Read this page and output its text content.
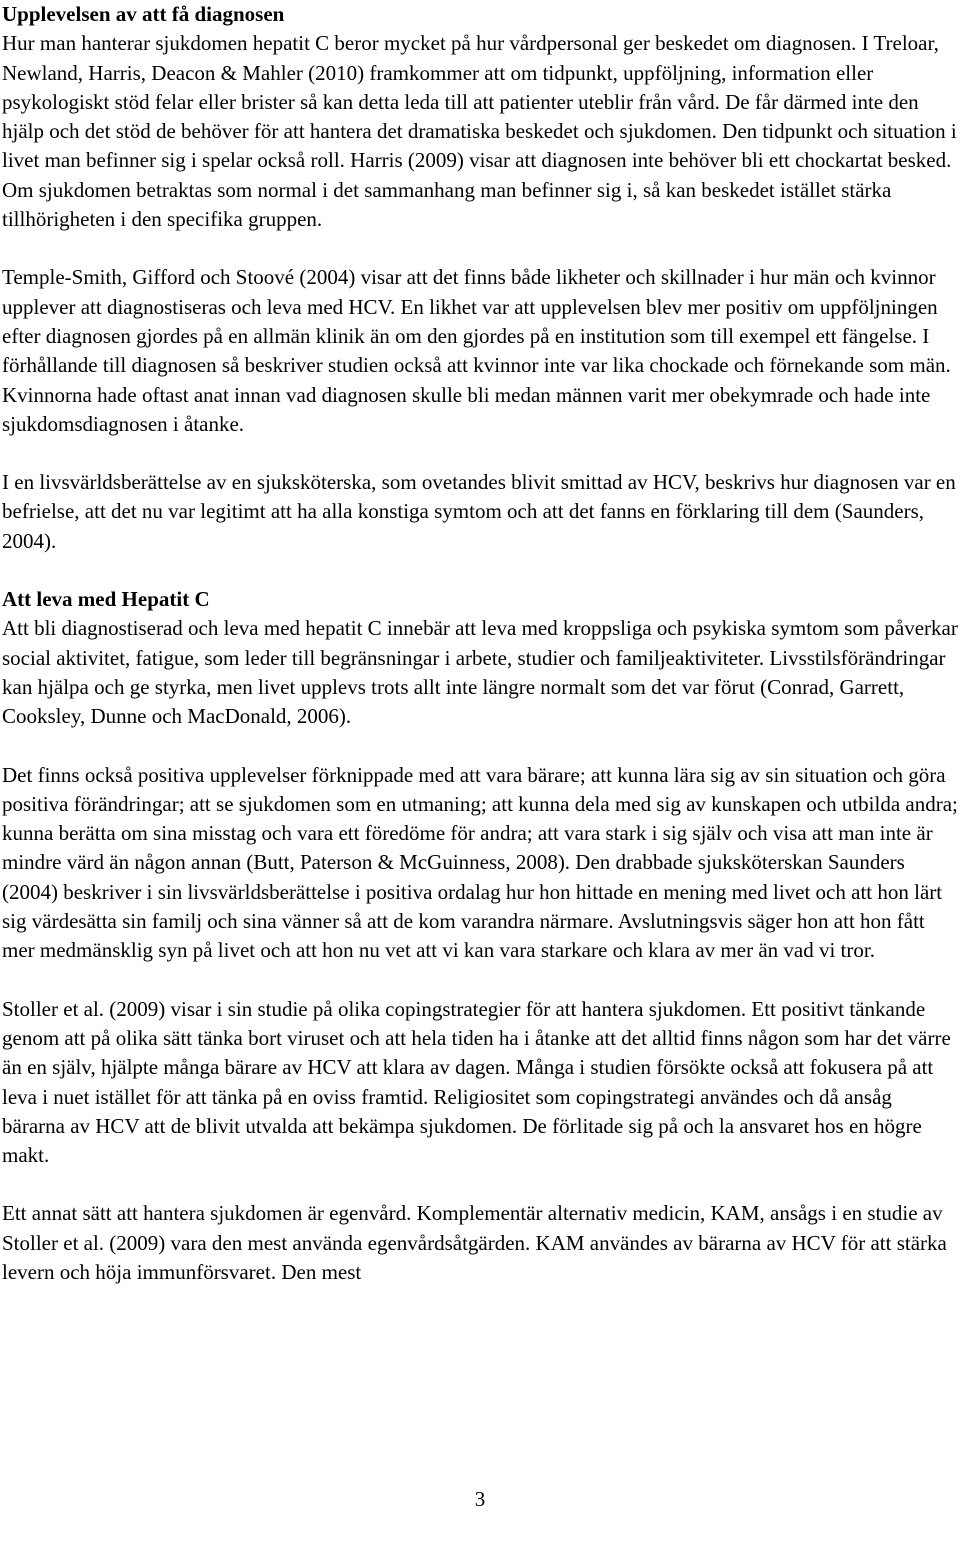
Upplevelsen av att få diagnosen

Hur man hanterar sjukdomen hepatit C beror mycket på hur vårdpersonal ger beskedet om diagnosen. I Treloar, Newland, Harris, Deacon & Mahler (2010) framkommer att om tidpunkt, uppföljning, information eller psykologiskt stöd felar eller brister så kan detta leda till att patienter uteblir från vård. De får därmed inte den hjälp och det stöd de behöver för att hantera det dramatiska beskedet och sjukdomen. Den tidpunkt och situation i livet man befinner sig i spelar också roll. Harris (2009) visar att diagnosen inte behöver bli ett chockartat besked. Om sjukdomen betraktas som normal i det sammanhang man befinner sig i, så kan beskedet istället stärka tillhörigheten i den specifika gruppen.

Temple-Smith, Gifford och Stoové (2004) visar att det finns både likheter och skillnader i hur män och kvinnor upplever att diagnostiseras och leva med HCV. En likhet var att upplevelsen blev mer positiv om uppföljningen efter diagnosen gjordes på en allmän klinik än om den gjordes på en institution som till exempel ett fängelse. I förhållande till diagnosen så beskriver studien också att kvinnor inte var lika chockade och förnekande som män. Kvinnorna hade oftast anat innan vad diagnosen skulle bli medan männen varit mer obekymrade och hade inte sjukdomsdiagnosen i åtanke.

I en livsvärldsberättelse av en sjuksköterska, som ovetandes blivit smittad av HCV, beskrivs hur diagnosen var en befrielse, att det nu var legitimt att ha alla konstiga symtom och att det fanns en förklaring till dem (Saunders, 2004).

Att leva med Hepatit C

Att bli diagnostiserad och leva med hepatit C innebär att leva med kroppsliga och psykiska symtom som påverkar social aktivitet, fatigue, som leder till begränsningar i arbete, studier och familjeaktiviteter. Livsstilsförändringar kan hjälpa och ge styrka, men livet upplevs trots allt inte längre normalt som det var förut (Conrad, Garrett, Cooksley, Dunne och MacDonald, 2006).

Det finns också positiva upplevelser förknippade med att vara bärare; att kunna lära sig av sin situation och göra positiva förändringar; att se sjukdomen som en utmaning; att kunna dela med sig av kunskapen och utbilda andra; kunna berätta om sina misstag och vara ett föredöme för andra; att vara stark i sig själv och visa att man inte är mindre värd än någon annan (Butt, Paterson & McGuinness, 2008). Den drabbade sjuksköterskan Saunders (2004) beskriver i sin livsvärldsberättelse i positiva ordalag hur hon hittade en mening med livet och att hon lärt sig värdesätta sin familj och sina vänner så att de kom varandra närmare. Avslutningsvis säger hon att hon fått mer medmänsklig syn på livet och att hon nu vet att vi kan vara starkare och klara av mer än vad vi tror.

Stoller et al. (2009) visar i sin studie på olika copingstrategier för att hantera sjukdomen. Ett positivt tänkande genom att på olika sätt tänka bort viruset och att hela tiden ha i åtanke att det alltid finns någon som har det värre än en själv, hjälpte många bärare av HCV att klara av dagen. Många i studien försökte också att fokusera på att leva i nuet istället för att tänka på en oviss framtid. Religiositet som copingstrategi användes och då ansåg bärarna av HCV att de blivit utvalda att bekämpa sjukdomen. De förlitade sig på och la ansvaret hos en högre makt.

Ett annat sätt att hantera sjukdomen är egenvård. Komplementär alternativ medicin, KAM, ansågs i en studie av Stoller et al. (2009) vara den mest använda egenvårdsåtgärden. KAM användes av bärarna av HCV för att stärka levern och höja immunförsvaret. Den mest

3
